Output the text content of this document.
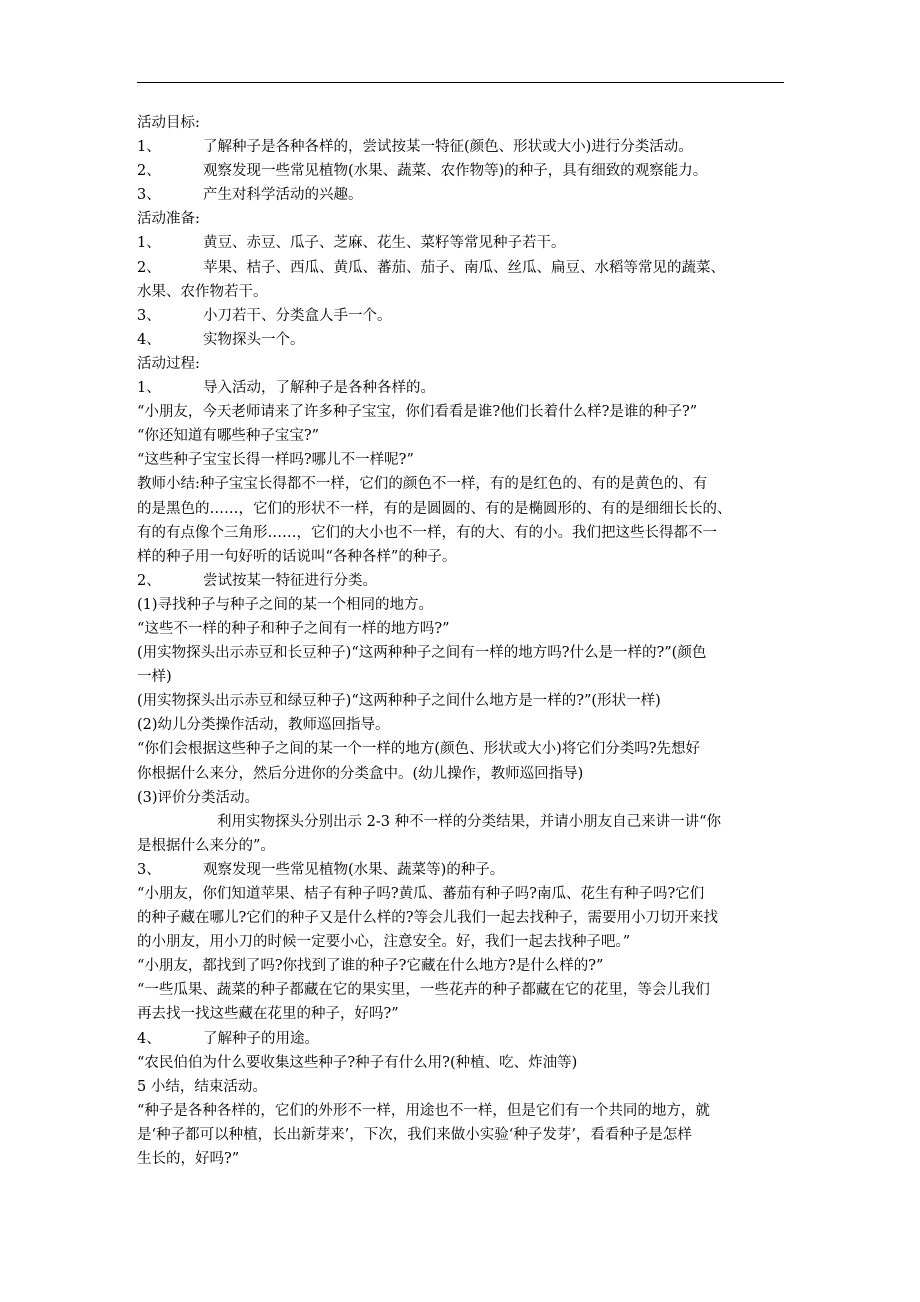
活动目标:
1、	了解种子是各种各样的，尝试按某一特征(颜色、形状或大小)进行分类活动。
2、	观察发现一些常见植物(水果、蔬菜、农作物等)的种子，具有细致的观察能力。
3、	产生对科学活动的兴趣。
活动准备:
1、	黄豆、赤豆、瓜子、芝麻、花生、菜籽等常见种子若干。
2、	苹果、桔子、西瓜、黄瓜、蕃茄、茄子、南瓜、丝瓜、扁豆、水稻等常见的蔬菜、
水果、农作物若干。
3、	小刀若干、分类盒人手一个。
4、	实物探头一个。
活动过程:
1、	导入活动，了解种子是各种各样的。
“小朋友，今天老师请来了许多种子宝宝，你们看看是谁?他们长着什么样?是谁的种子?”
“你还知道有哪些种子宝宝?”
“这些种子宝宝长得一样吗?哪儿不一样呢?”
教师小结:种子宝宝长得都不一样，它们的颜色不一样，有的是红色的、有的是黄色的、有
的是黑色的……，它们的形状不一样，有的是圆圆的、有的是椭圆形的、有的是细细长长的、
有的有点像个三角形……，它们的大小也不一样，有的大、有的小。我们把这些长得都不一
样的种子用一句好听的话说叫“各种各样”的种子。
2、	尝试按某一特征进行分类。
(1)寻找种子与种子之间的某一个相同的地方。
“这些不一样的种子和种子之间有一样的地方吗?”
(用实物探头出示赤豆和长豆种子)“这两种种子之间有一样的地方吗?什么是一样的?”(颜色
一样)
(用实物探头出示赤豆和绿豆种子)“这两种种子之间什么地方是一样的?”(形状一样)
(2)幼儿分类操作活动，教师巡回指导。
“你们会根据这些种子之间的某一个一样的地方(颜色、形状或大小)将它们分类吗?先想好
你根据什么来分，然后分进你的分类盒中。(幼儿操作，教师巡回指导)
(3)评价分类活动。
利用实物探头分别出示 2-3 种不一样的分类结果，并请小朋友自己来讲一讲“你
是根据什么来分的”。
3、	观察发现一些常见植物(水果、蔬菜等)的种子。
“小朋友，你们知道苹果、桔子有种子吗?黄瓜、蕃茄有种子吗?南瓜、花生有种子吗?它们
的种子藏在哪儿?它们的种子又是什么样的?等会儿我们一起去找种子，需要用小刀切开来找
的小朋友，用小刀的时候一定要小心，注意安全。好，我们一起去找种子吧。”
“小朋友，都找到了吗?你找到了谁的种子?它藏在什么地方?是什么样的?”
“一些瓜果、蔬菜的种子都藏在它的果实里，一些花卉的种子都藏在它的花里，等会儿我们
再去找一找这些藏在花里的种子，好吗?”
4、	了解种子的用途。
“农民伯伯为什么要收集这些种子?种子有什么用?(种植、吃、炸油等)
5 小结，结束活动。
“种子是各种各样的，它们的外形不一样，用途也不一样，但是它们有一个共同的地方，就
是‘种子都可以种植，长出新芽来’，下次，我们来做小实验‘种子发芽’，看看种子是怎样
生长的，好吗?”
